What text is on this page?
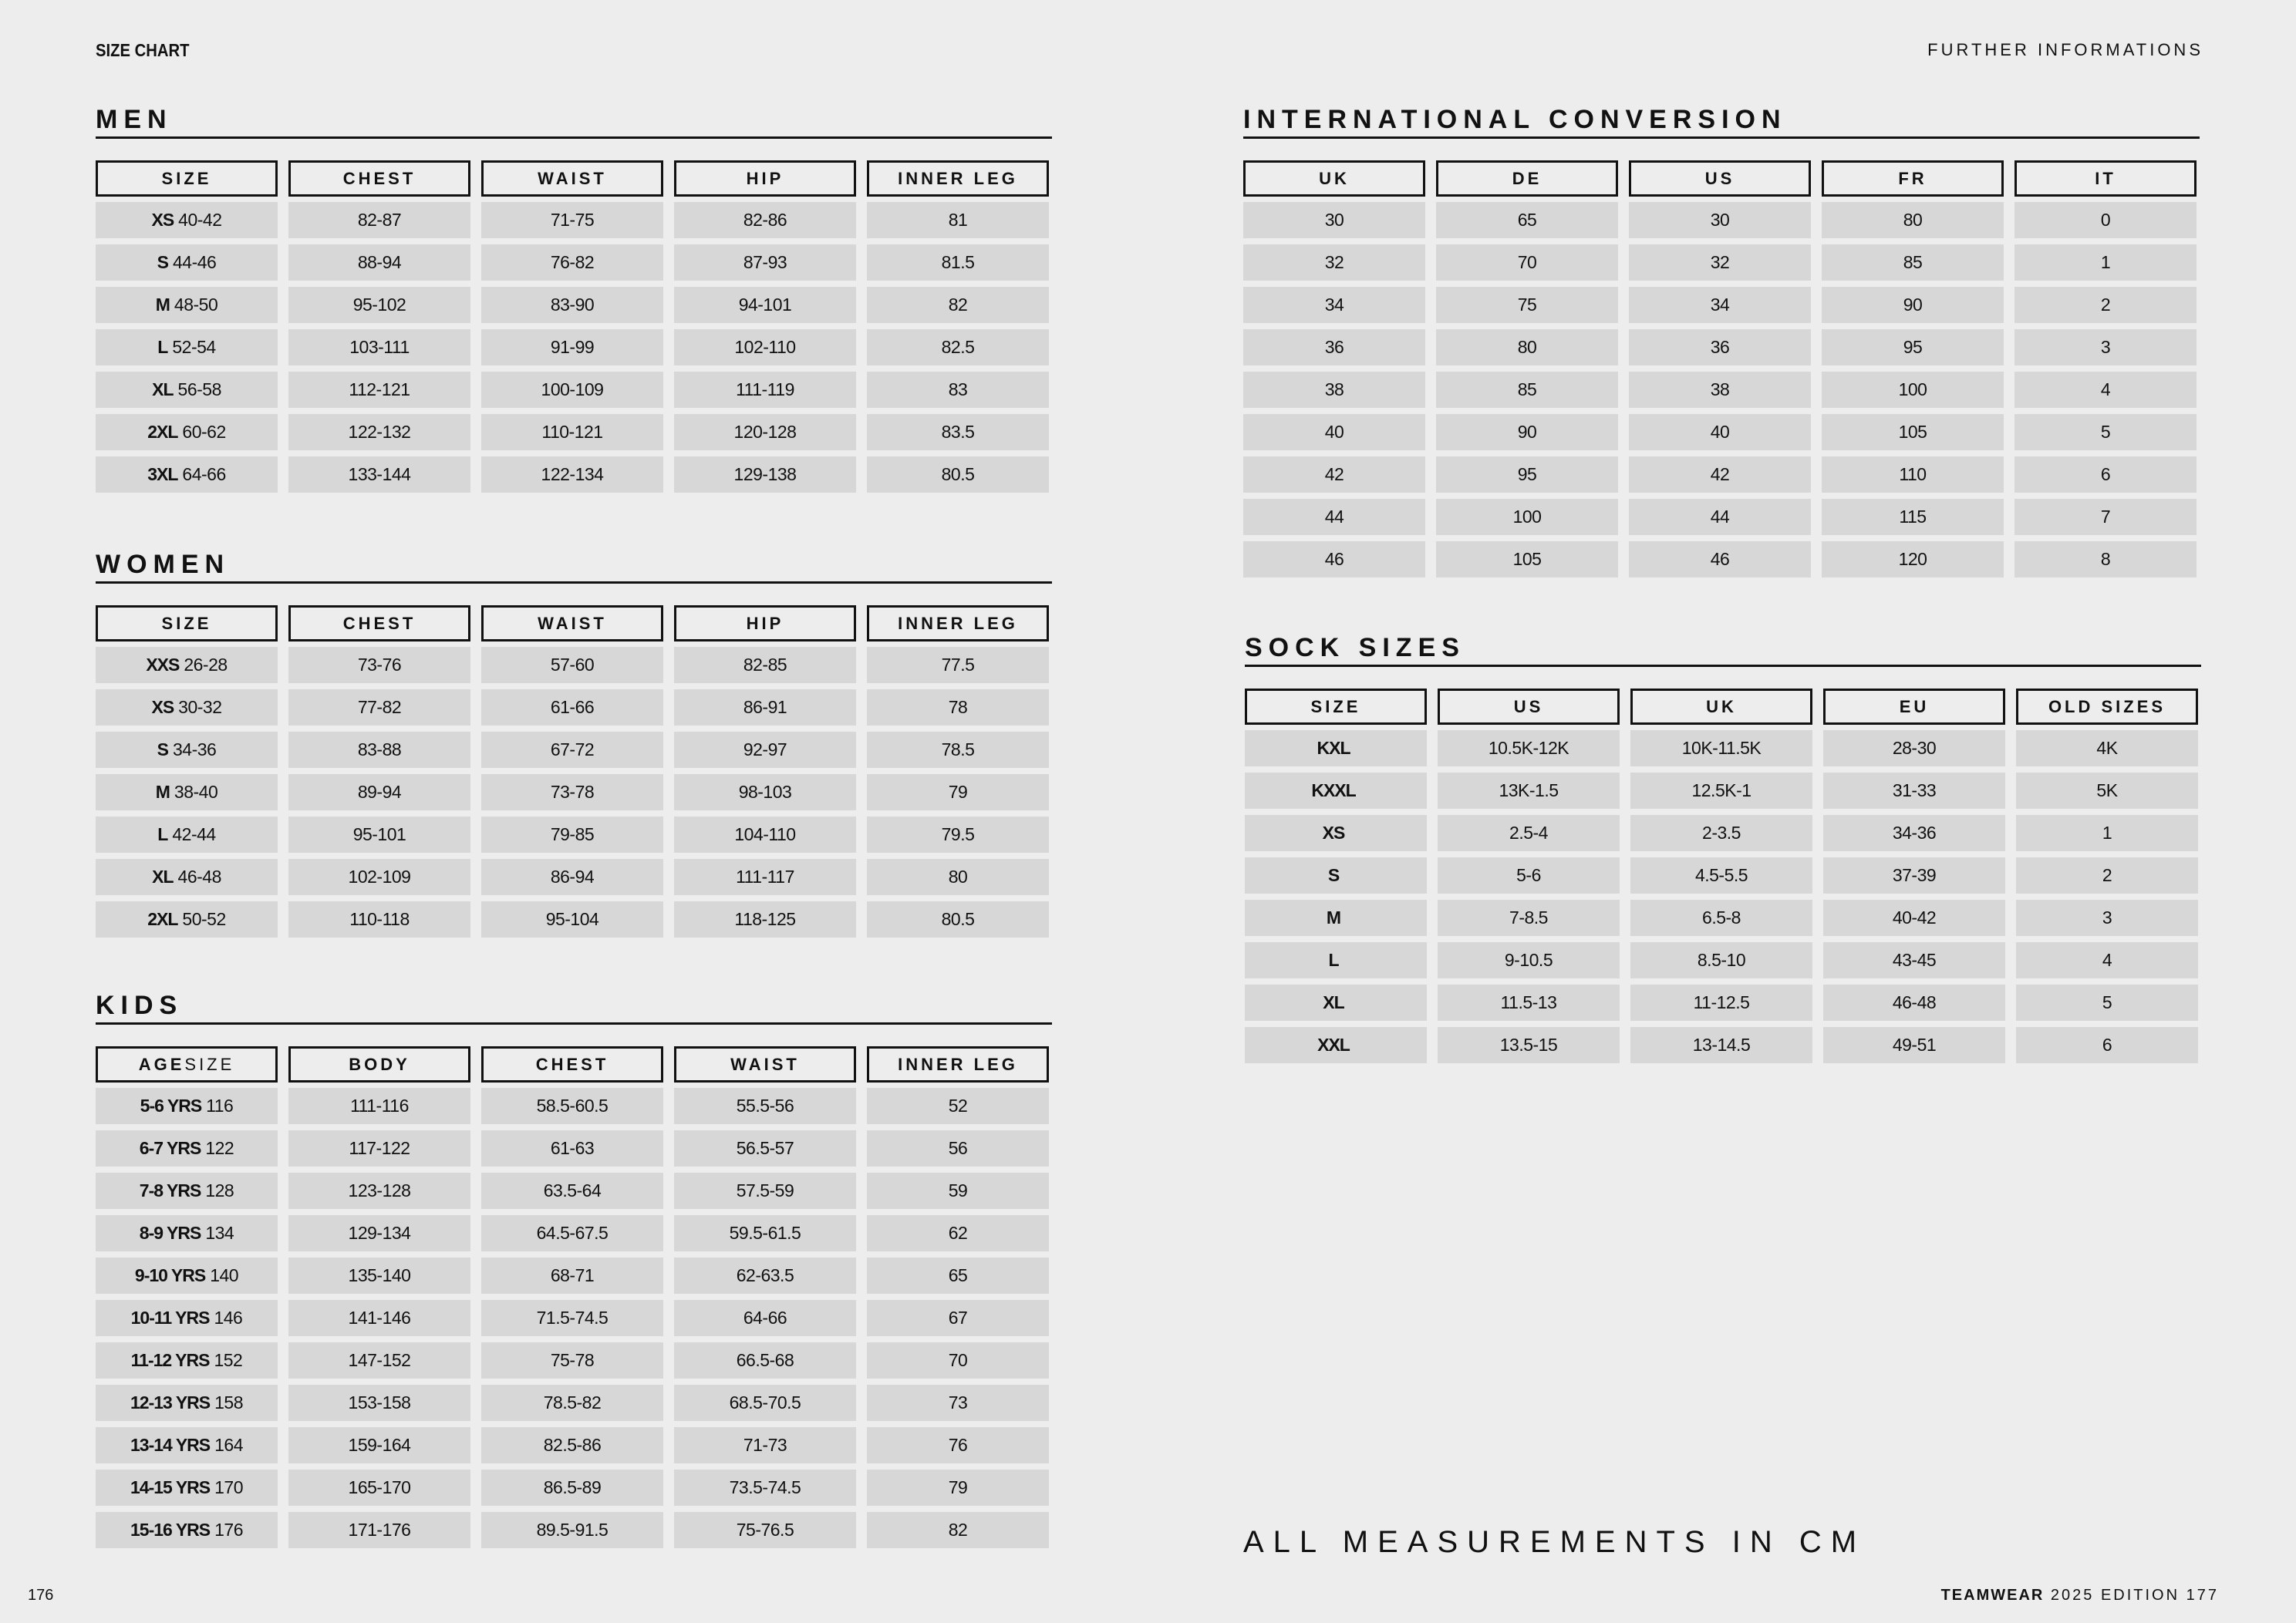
SIZE CHART	FURTHER INFORMATIONS
MEN
SIZE	CHEST	WAIST	HIP	INNER LEG
XS 40-42	82-87	71-75	82-86	81
S 44-46	88-94	76-82	87-93	81.5
M 48-50	95-102	83-90	94-101	82
L 52-54	103-111	91-99	102-110	82.5
XL 56-58	112-121	100-109	111-119	83
2XL 60-62	122-132	110-121	120-128	83.5
3XL 64-66	133-144	122-134	129-138	80.5
WOMEN
SIZE	CHEST	WAIST	HIP	INNER LEG
XXS 26-28	73-76	57-60	82-85	77.5
XS 30-32	77-82	61-66	86-91	78
S 34-36	83-88	67-72	92-97	78.5
M 38-40	89-94	73-78	98-103	79
L 42-44	95-101	79-85	104-110	79.5
XL 46-48	102-109	86-94	111-117	80
2XL 50-52	110-118	95-104	118-125	80.5
KIDS
AGE SIZE	BODY	CHEST	WAIST	INNER LEG
5-6 YRS 116	111-116	58.5-60.5	55.5-56	52
6-7 YRS 122	117-122	61-63	56.5-57	56
7-8 YRS 128	123-128	63.5-64	57.5-59	59
8-9 YRS 134	129-134	64.5-67.5	59.5-61.5	62
9-10 YRS 140	135-140	68-71	62-63.5	65
10-11 YRS 146	141-146	71.5-74.5	64-66	67
11-12 YRS 152	147-152	75-78	66.5-68	70
12-13 YRS 158	153-158	78.5-82	68.5-70.5	73
13-14 YRS 164	159-164	82.5-86	71-73	76
14-15 YRS 170	165-170	86.5-89	73.5-74.5	79
15-16 YRS 176	171-176	89.5-91.5	75-76.5	82
INTERNATIONAL CONVERSION
UK	DE	US	FR	IT
30	65	30	80	0
32	70	32	85	1
34	75	34	90	2
36	80	36	95	3
38	85	38	100	4
40	90	40	105	5
42	95	42	110	6
44	100	44	115	7
46	105	46	120	8
SOCK SIZES
SIZE	US	UK	EU	OLD SIZES
KXL	10.5K-12K	10K-11.5K	28-30	4K
KXXL	13K-1.5	12.5K-1	31-33	5K
XS	2.5-4	2-3.5	34-36	1
S	5-6	4.5-5.5	37-39	2
M	7-8.5	6.5-8	40-42	3
L	9-10.5	8.5-10	43-45	4
XL	11.5-13	11-12.5	46-48	5
XXL	13.5-15	13-14.5	49-51	6
ALL MEASUREMENTS IN CM
176	TEAMWEAR 2025 EDITION 177
